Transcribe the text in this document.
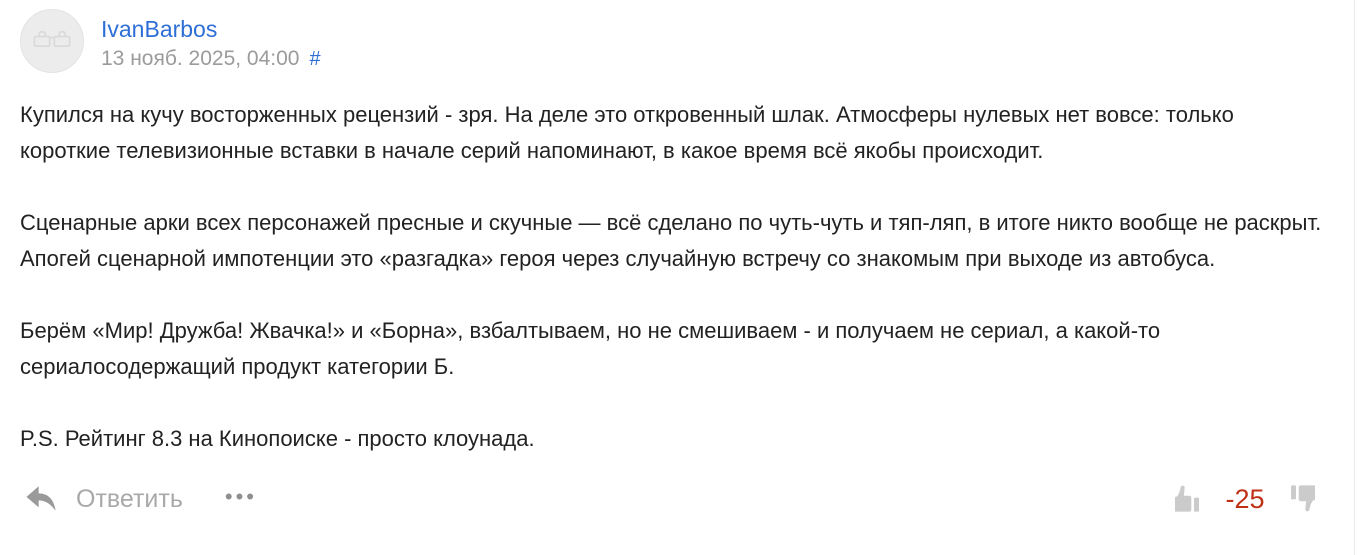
IvanBarbos
13 нояб. 2025, 04:00 #

Купился на кучу восторженных рецензий - зря. На деле это откровенный шлак. Атмосферы нулевых нет вовсе: только короткие телевизионные вставки в начале серий напоминают, в какое время всё якобы происходит.

Сценарные арки всех персонажей пресные и скучные — всё сделано по чуть-чуть и тяп-ляп, в итоге никто вообще не раскрыт. Апогей сценарной импотенции это «разгадка» героя через случайную встречу со знакомым при выходе из автобуса.

Берём «Мир! Дружба! Жвачка!» и «Борна», взбалтываем, но не смешиваем - и получаем не сериал, а какой-то сериалосодержащий продукт категории Б.

P.S. Рейтинг 8.3 на Кинопоиске - просто клоунада.

Ответить •••	-25
